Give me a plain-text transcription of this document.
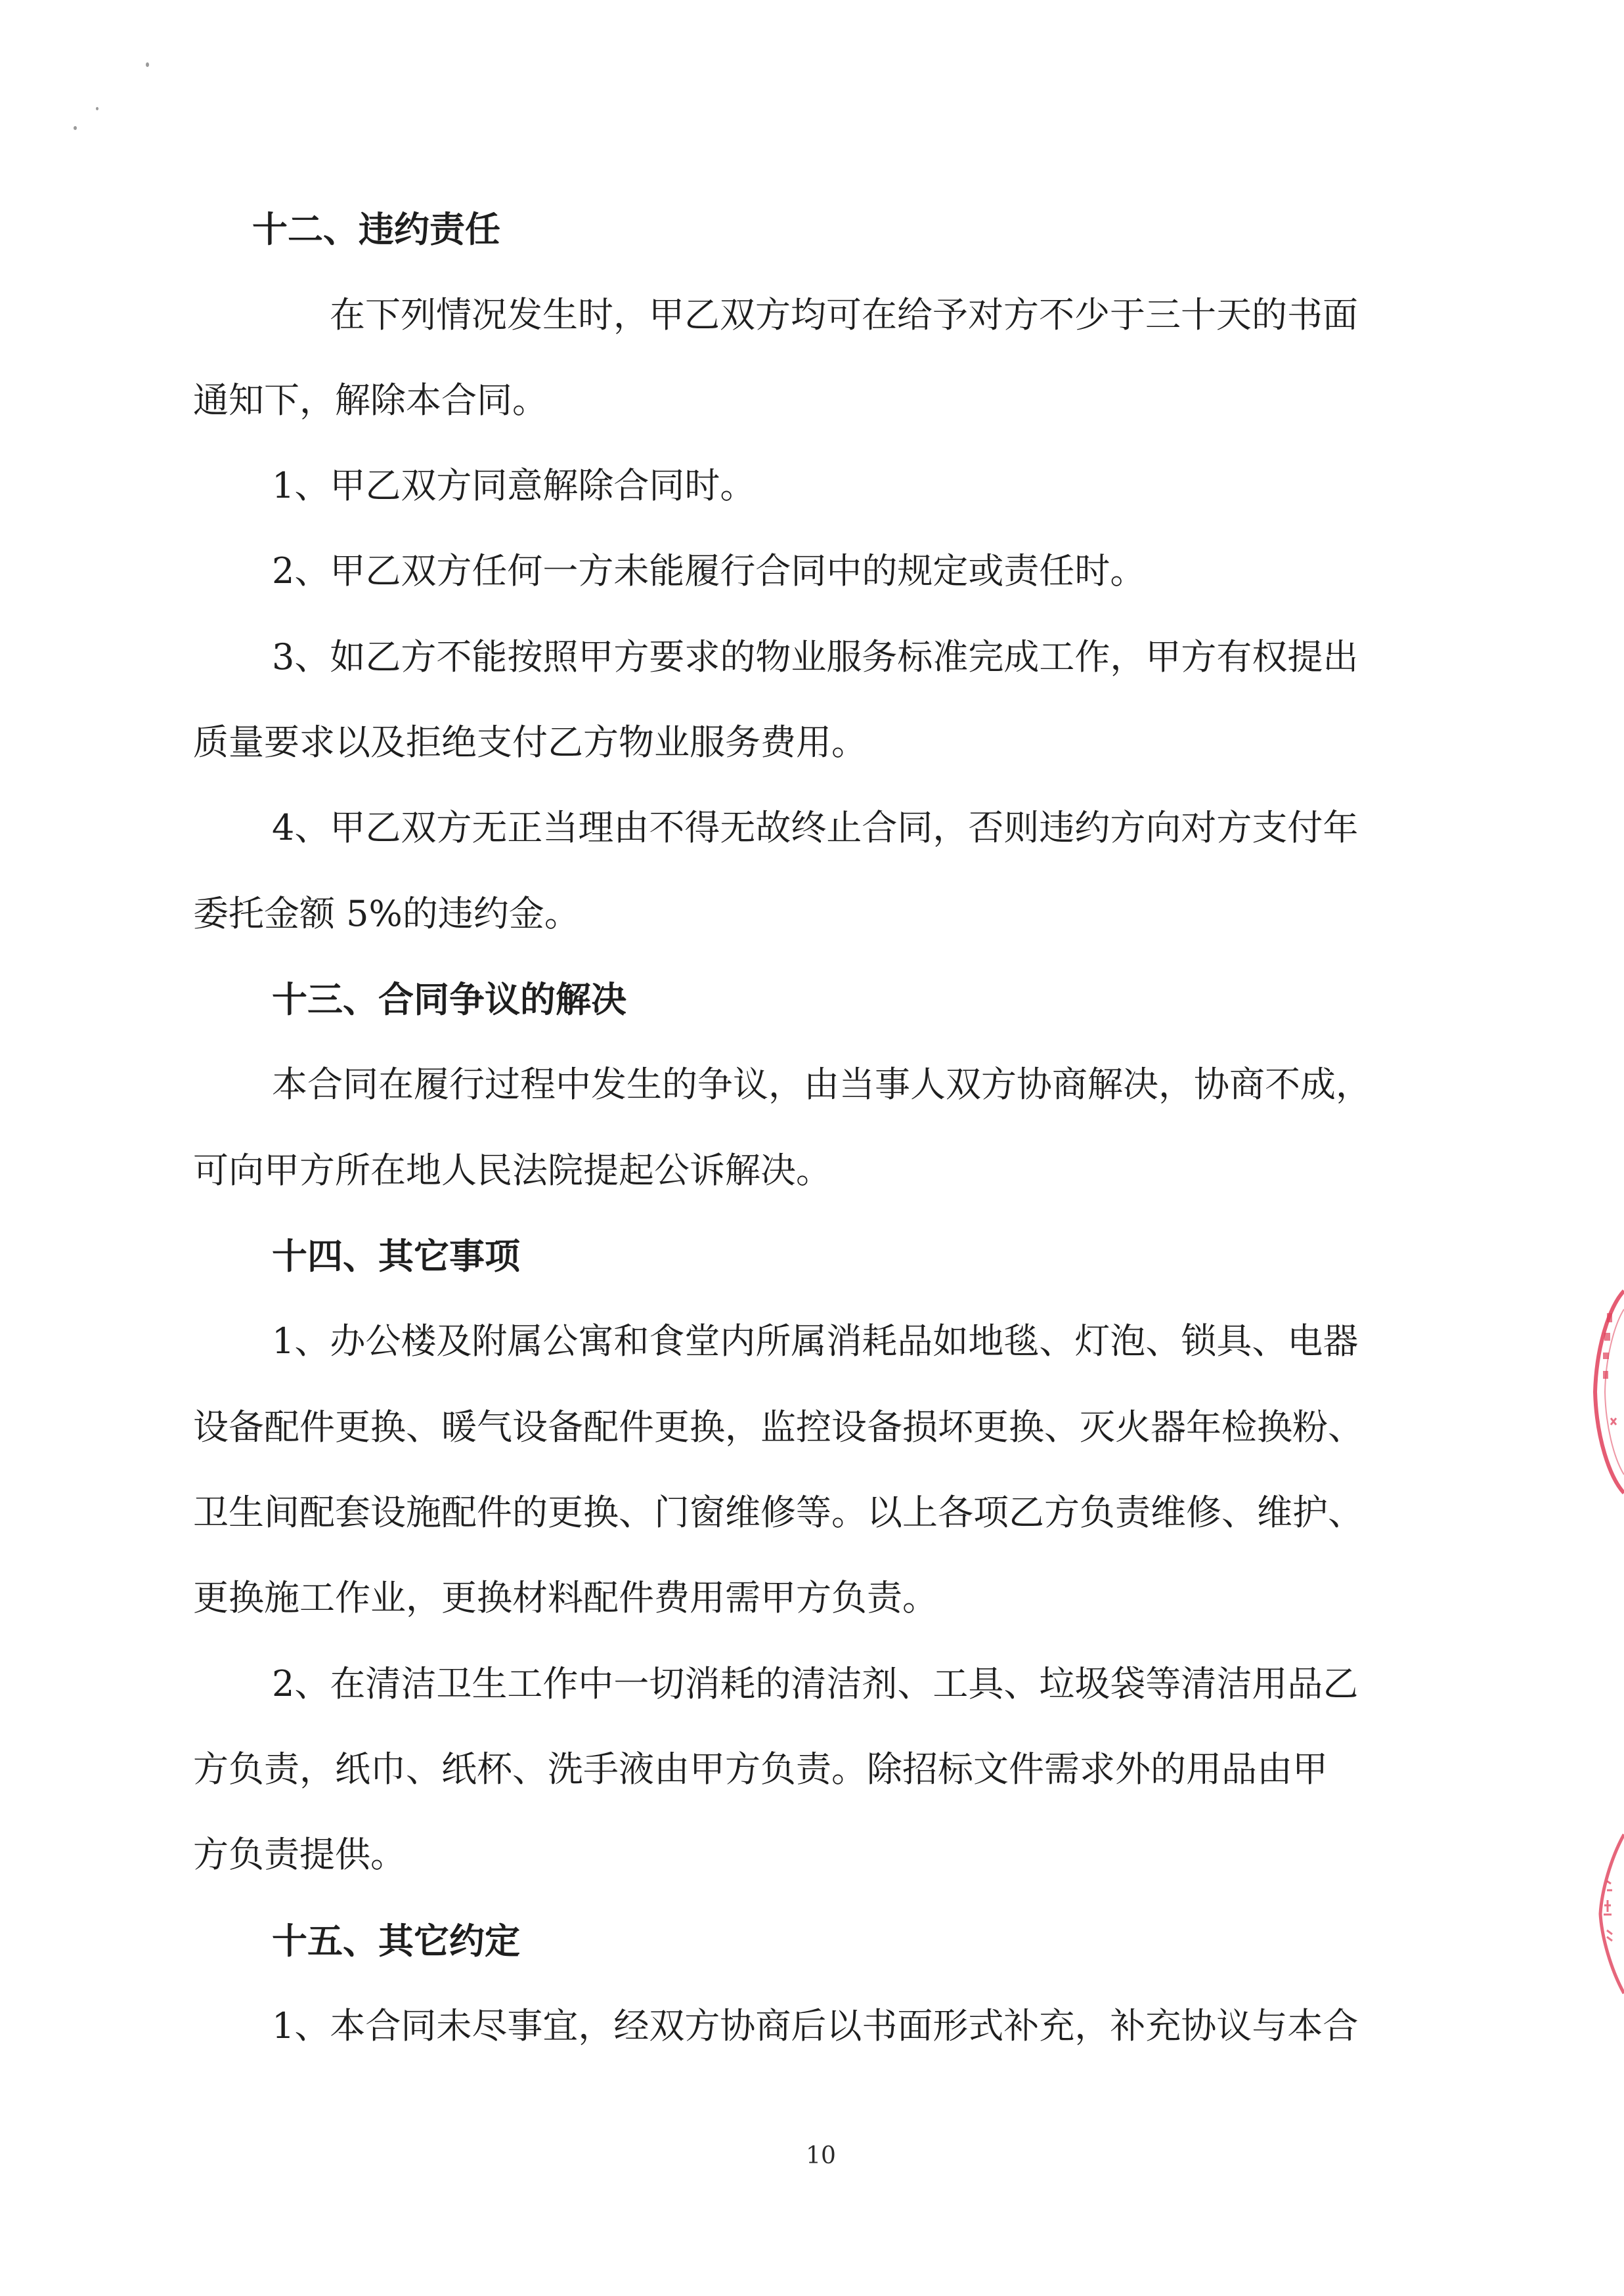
十二、违约责任
在下列情况发生时，甲乙双方均可在给予对方不少于三十天的书面
通知下，解除本合同。
1、甲乙双方同意解除合同时。
2、甲乙双方任何一方未能履行合同中的规定或责任时。
3、如乙方不能按照甲方要求的物业服务标准完成工作，甲方有权提出
质量要求以及拒绝支付乙方物业服务费用。
4、甲乙双方无正当理由不得无故终止合同，否则违约方向对方支付年
委托金额 5%的违约金。
十三、合同争议的解决
本合同在履行过程中发生的争议，由当事人双方协商解决，协商不成，
可向甲方所在地人民法院提起公诉解决。
十四、其它事项
1、办公楼及附属公寓和食堂内所属消耗品如地毯、灯泡、锁具、电器
设备配件更换、暖气设备配件更换，监控设备损坏更换、灭火器年检换粉、
卫生间配套设施配件的更换、门窗维修等。以上各项乙方负责维修、维护、
更换施工作业，更换材料配件费用需甲方负责。
2、在清洁卫生工作中一切消耗的清洁剂、工具、垃圾袋等清洁用品乙
方负责，纸巾、纸杯、洗手液由甲方负责。除招标文件需求外的用品由甲
方负责提供。
十五、其它约定
1、本合同未尽事宜，经双方协商后以书面形式补充，补充协议与本合
10
